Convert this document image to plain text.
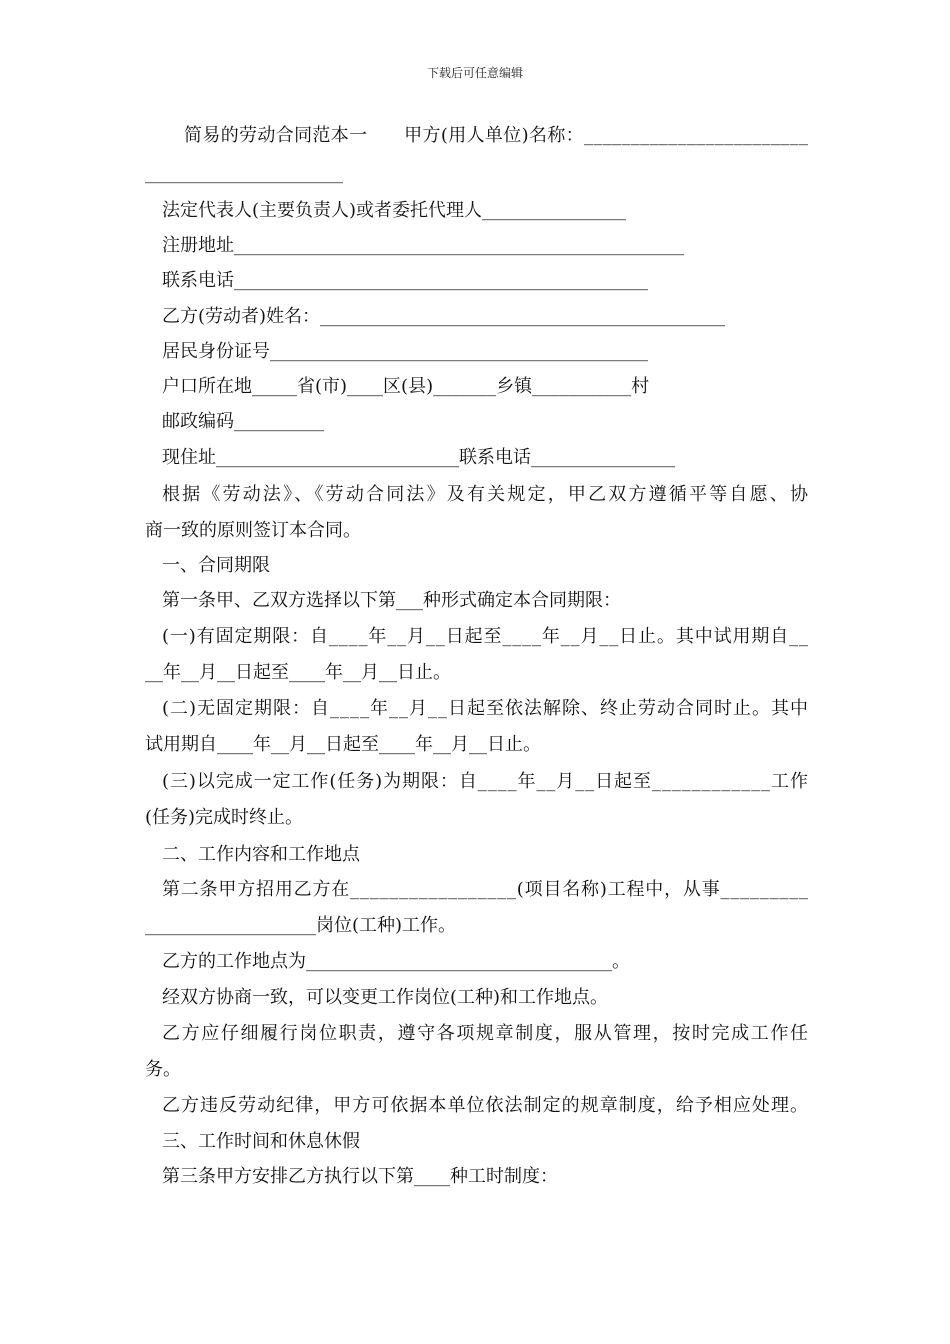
下载后可任意编辑
简易的劳动合同范本一　　甲方(用人单位)名称：________________________
______________________
法定代表人(主要负责人)或者委托代理人________________
注册地址__________________________________________________
联系电话______________________________________________
乙方(劳动者)姓名：_____________________________________________
居民身份证号__________________________________________
户口所在地_____省(市)____区(县)_______乡镇___________村
邮政编码__________
现住址___________________________联系电话________________
根据《劳动法》、《劳动合同法》及有关规定，甲乙双方遵循平等自愿、协
商一致的原则签订本合同。
一、合同期限
第一条甲、乙双方选择以下第___种形式确定本合同期限：
(一)有固定期限：自____年__月__日起至____年__月__日止。其中试用期自__
__年__月__日起至____年__月__日止。
(二)无固定期限：自____年__月__日起至依法解除、终止劳动合同时止。其中
试用期自____年__月__日起至____年__月__日止。
(三)以完成一定工作(任务)为期限：自____年__月__日起至____________工作
(任务)完成时终止。
二、工作内容和工作地点
第二条甲方招用乙方在_________________(项目名称)工程中，从事_________
___________________岗位(工种)工作。
乙方的工作地点为__________________________________。
经双方协商一致，可以变更工作岗位(工种)和工作地点。
乙方应仔细履行岗位职责，遵守各项规章制度，服从管理，按时完成工作任
务。
乙方违反劳动纪律，甲方可依据本单位依法制定的规章制度，给予相应处理。
三、工作时间和休息休假
第三条甲方安排乙方执行以下第____种工时制度：
